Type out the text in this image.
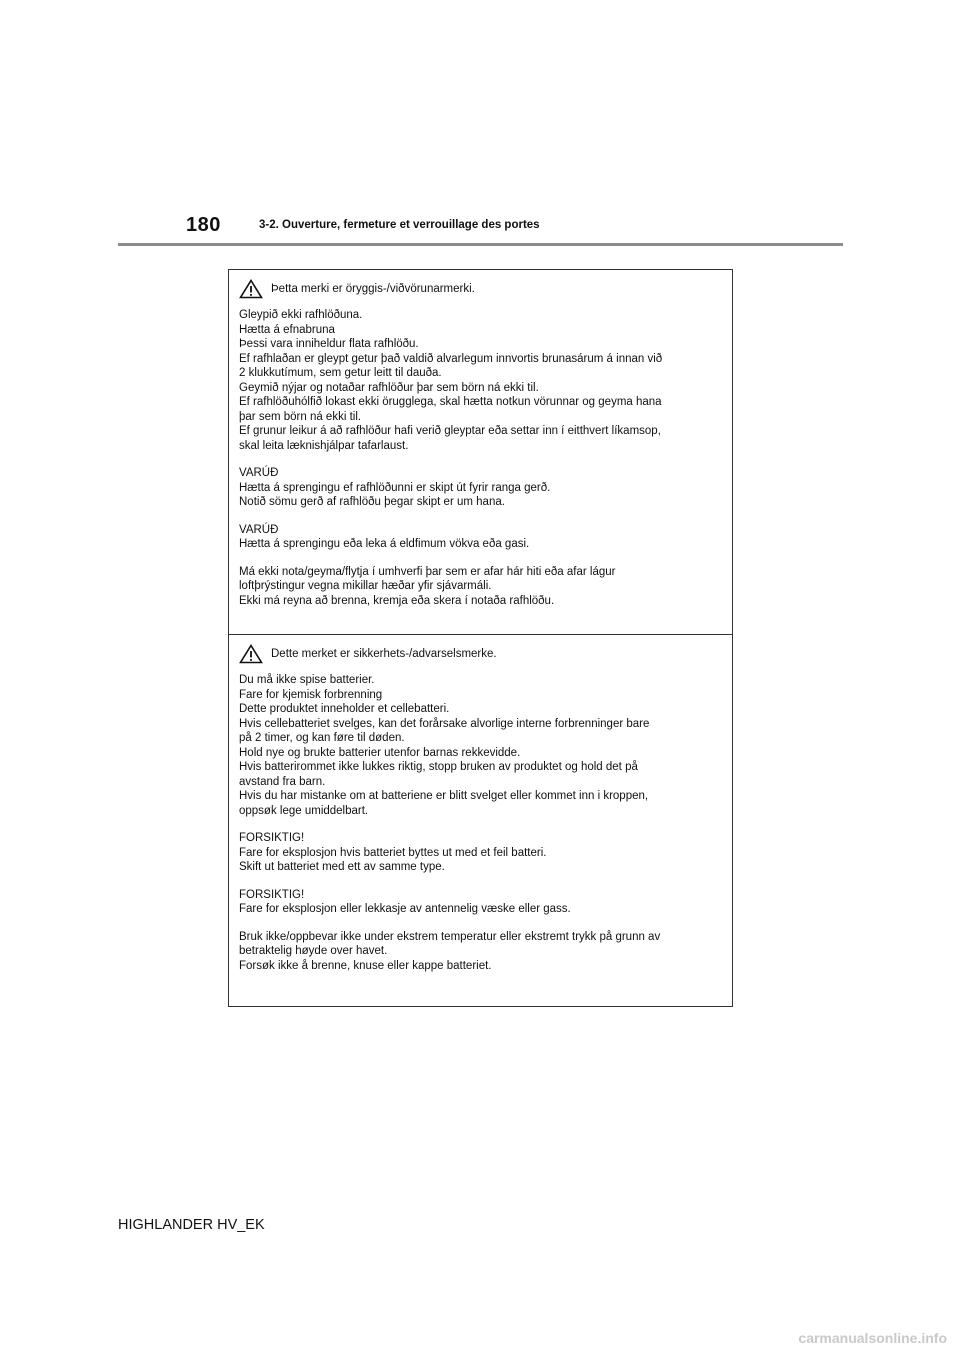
180	3-2. Ouverture, fermeture et verrouillage des portes
Þetta merki er öryggis-/viðvörunarmerki.
Gleypið ekki rafhlöðuna.
Hætta á efnabruna
Þessi vara inniheldur flata rafhlöðu.
Ef rafhlaðan er gleypt getur það valdið alvarlegum innvortis brunasárum á innan við
2 klukkutímum, sem getur leitt til dauða.
Geymið nýjar og notaðar rafhlöður þar sem börn ná ekki til.
Ef rafhlöðuhólfið lokast ekki örugglega, skal hætta notkun vörunnar og geyma hana
þar sem börn ná ekki til.
Ef grunur leikur á að rafhlöður hafi verið gleyptar eða settar inn í eitthvert líkamsop,
skal leita læknishjálpar tafarlaust.
VARÚÐ
Hætta á sprengingu ef rafhlöðunni er skipt út fyrir ranga gerð.
Notið sömu gerð af rafhlöðu þegar skipt er um hana.
VARÚÐ
Hætta á sprengingu eða leka á eldfimum vökva eða gasi.
Má ekki nota/geyma/flytja í umhverfi þar sem er afar hár hiti eða afar lágur
loftþrýstingur vegna mikillar hæðar yfir sjávarmáli.
Ekki má reyna að brenna, kremja eða skera í notaða rafhlöðu.
Dette merket er sikkerhets-/advarselsmerke.
Du må ikke spise batterier.
Fare for kjemisk forbrenning
Dette produktet inneholder et cellebatteri.
Hvis cellebatteriet svelges, kan det forårsake alvorlige interne forbrenninger bare
på 2 timer, og kan føre til døden.
Hold nye og brukte batterier utenfor barnas rekkevidde.
Hvis batterirommet ikke lukkes riktig, stopp bruken av produktet og hold det på
avstand fra barn.
Hvis du har mistanke om at batteriene er blitt svelget eller kommet inn i kroppen,
oppsøk lege umiddelbart.
FORSIKTIG!
Fare for eksplosjon hvis batteriet byttes ut med et feil batteri.
Skift ut batteriet med ett av samme type.
FORSIKTIG!
Fare for eksplosjon eller lekkasje av antennelig væske eller gass.
Bruk ikke/oppbevar ikke under ekstrem temperatur eller ekstremt trykk på grunn av
betraktelig høyde over havet.
Forsøk ikke å brenne, knuse eller kappe batteriet.
HIGHLANDER HV_EK
carmanualsonline.info
